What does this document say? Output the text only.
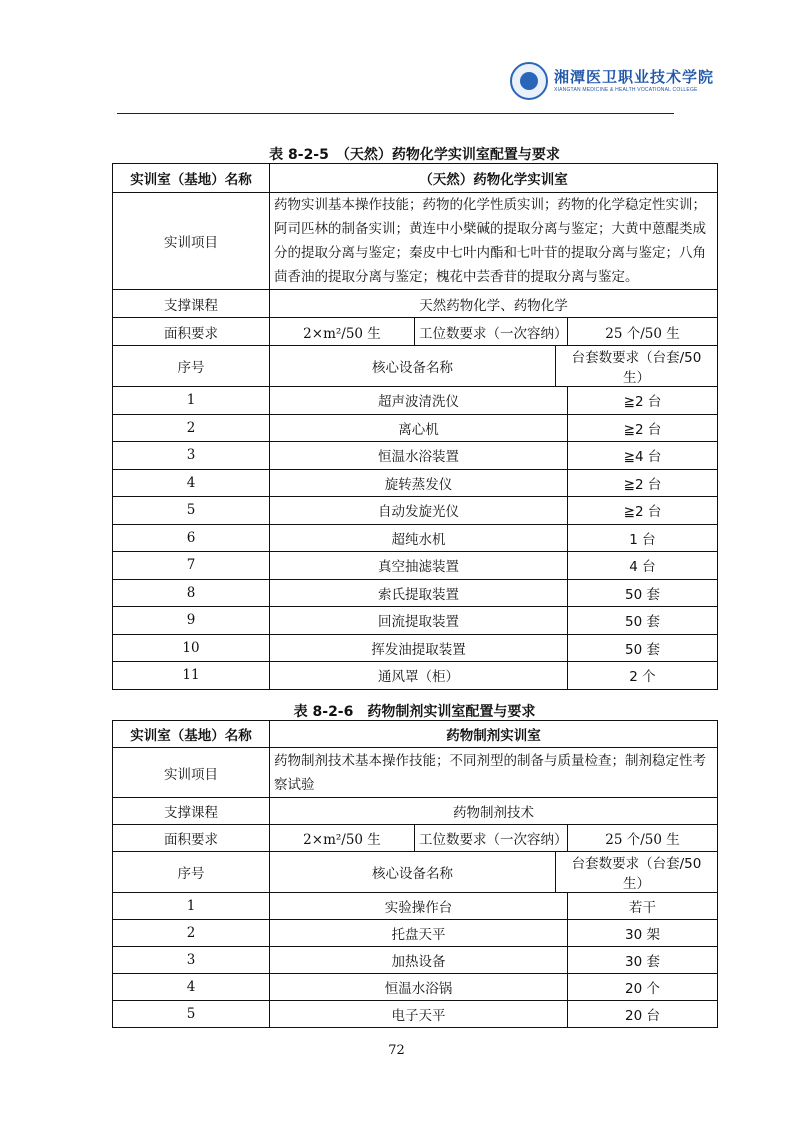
湘潭医卫职业技术学院
XIANGTAN MEDICINE & HEALTH VOCATIONAL COLLEGE
表 8-2-5　（天然）药物化学实训室配置与要求
实训室（基地）名称	（天然）药物化学实训室			
实训项目	药物实训基本操作技能；药物的化学性质实训；药物的化学稳定性实训；阿司匹林的制备实训；黄连中小檗碱的提取分离与鉴定；大黄中蒽醌类成分的提取分离与鉴定；秦皮中七叶内酯和七叶苷的提取分离与鉴定；八角茴香油的提取分离与鉴定；槐花中芸香苷的提取分离与鉴定。			
支撑课程	天然药物化学、药物化学			
面积要求	2×m²/50 生	工位数要求（一次容纳）		25 个/50 生
序号	核心设备名称		台套数要求（台套/50 生）	
1	超声波清洗仪			≧2 台
2	离心机			≧2 台
3	恒温水浴装置			≧4 台
4	旋转蒸发仪			≧2 台
5	自动发旋光仪			≧2 台
6	超纯水机			1 台
7	真空抽滤装置			4 台
8	索氏提取装置			50 套
9	回流提取装置			50 套
10	挥发油提取装置			50 套
11	通风罩（柜）			2 个
表 8-2-6　药物制剂实训室配置与要求
实训室（基地）名称	药物制剂实训室			
实训项目	药物制剂技术基本操作技能；不同剂型的制备与质量检查；制剂稳定性考察试验			
支撑课程	药物制剂技术			
面积要求	2×m²/50 生	工位数要求（一次容纳）		25 个/50 生
序号	核心设备名称		台套数要求（台套/50 生）	
1	实验操作台			若干
2	托盘天平			30 架
3	加热设备			30 套
4	恒温水浴锅			20 个
5	电子天平			20 台
72
